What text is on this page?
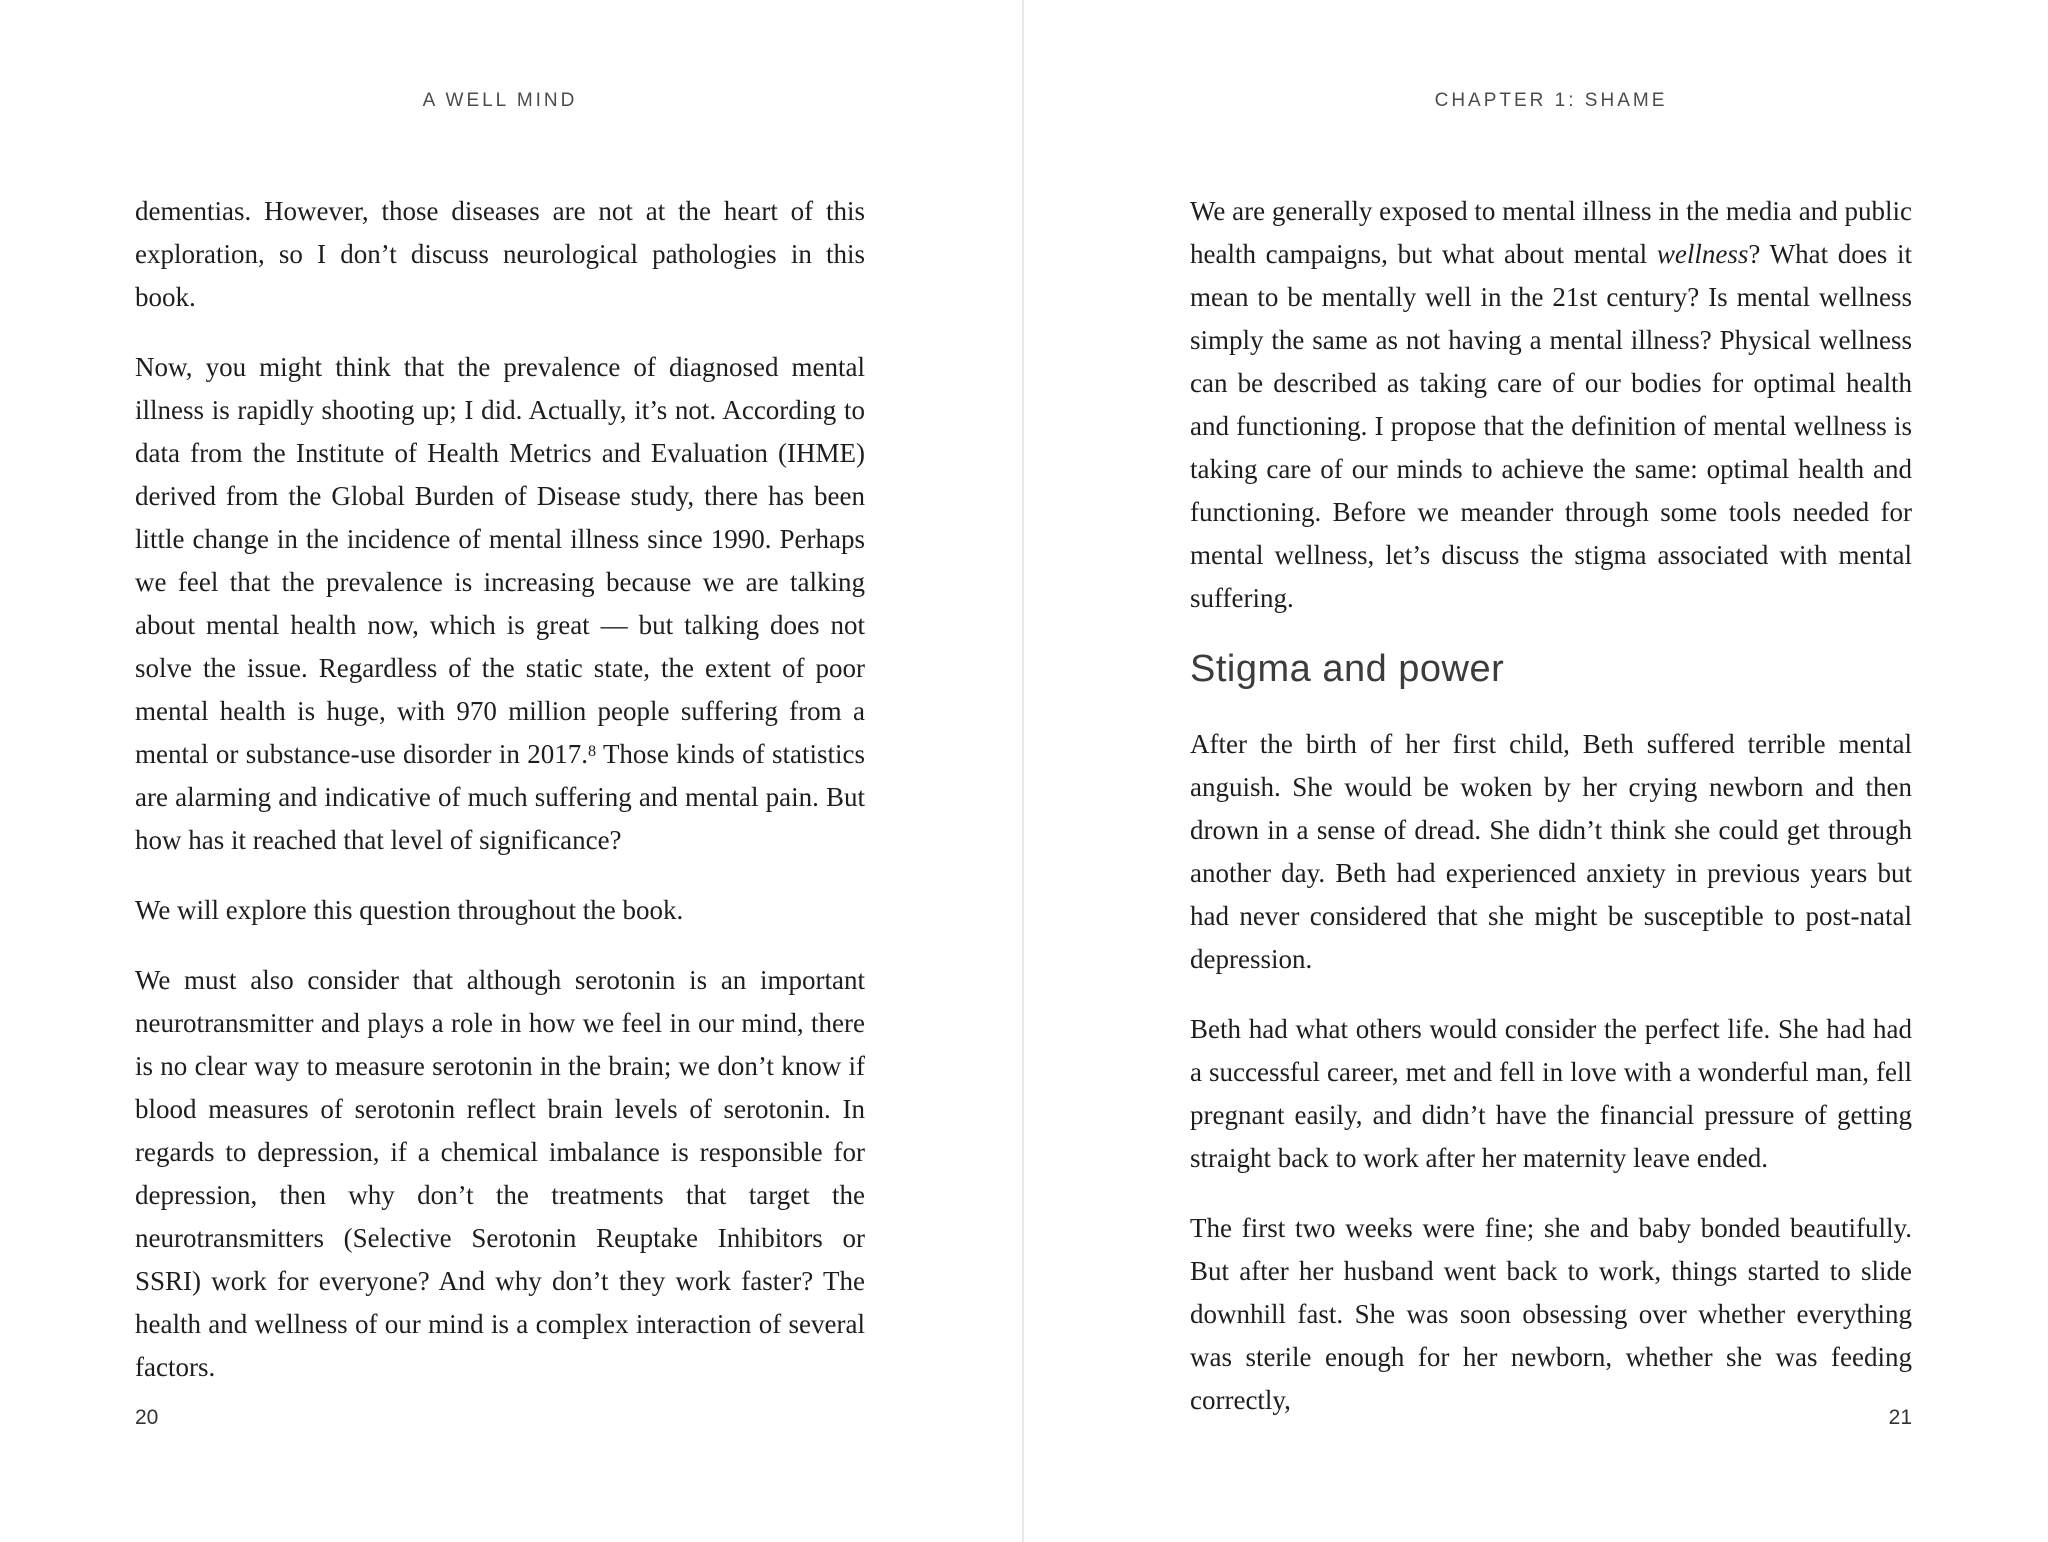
A WELL MIND

dementias. However, those diseases are not at the heart of this exploration, so I don’t discuss neurological pathologies in this book.

Now, you might think that the prevalence of diagnosed mental illness is rapidly shooting up; I did. Actually, it’s not. According to data from the Institute of Health Metrics and Evaluation (IHME) derived from the Global Burden of Disease study, there has been little change in the incidence of mental illness since 1990. Perhaps we feel that the prevalence is increasing because we are talking about mental health now, which is great — but talking does not solve the issue. Regardless of the static state, the extent of poor mental health is huge, with 970 million people suffering from a mental or substance-use disorder in 2017.$^8$ Those kinds of statistics are alarming and indicative of much suffering and mental pain. But how has it reached that level of significance?

We will explore this question throughout the book.

We must also consider that although serotonin is an important neurotransmitter and plays a role in how we feel in our mind, there is no clear way to measure serotonin in the brain; we don’t know if blood measures of serotonin reflect brain levels of serotonin. In regards to depression, if a chemical imbalance is responsible for depression, then why don’t the treatments that target the neurotransmitters (Selective Serotonin Reuptake Inhibitors or SSRI) work for everyone? And why don’t they work faster? The health and wellness of our mind is a complex interaction of several factors.

20
CHAPTER 1: SHAME

We are generally exposed to mental illness in the media and public health campaigns, but what about mental wellness? What does it mean to be mentally well in the 21st century? Is mental wellness simply the same as not having a mental illness? Physical wellness can be described as taking care of our bodies for optimal health and functioning. I propose that the definition of mental wellness is taking care of our minds to achieve the same: optimal health and functioning. Before we meander through some tools needed for mental wellness, let’s discuss the stigma associated with mental suffering.

Stigma and power

After the birth of her first child, Beth suffered terrible mental anguish. She would be woken by her crying newborn and then drown in a sense of dread. She didn’t think she could get through another day. Beth had experienced anxiety in previous years but had never considered that she might be susceptible to post-natal depression.

Beth had what others would consider the perfect life. She had had a successful career, met and fell in love with a wonderful man, fell pregnant easily, and didn’t have the financial pressure of getting straight back to work after her maternity leave ended.

The first two weeks were fine; she and baby bonded beautifully. But after her husband went back to work, things started to slide downhill fast. She was soon obsessing over whether everything was sterile enough for her newborn, whether she was feeding correctly,

21
